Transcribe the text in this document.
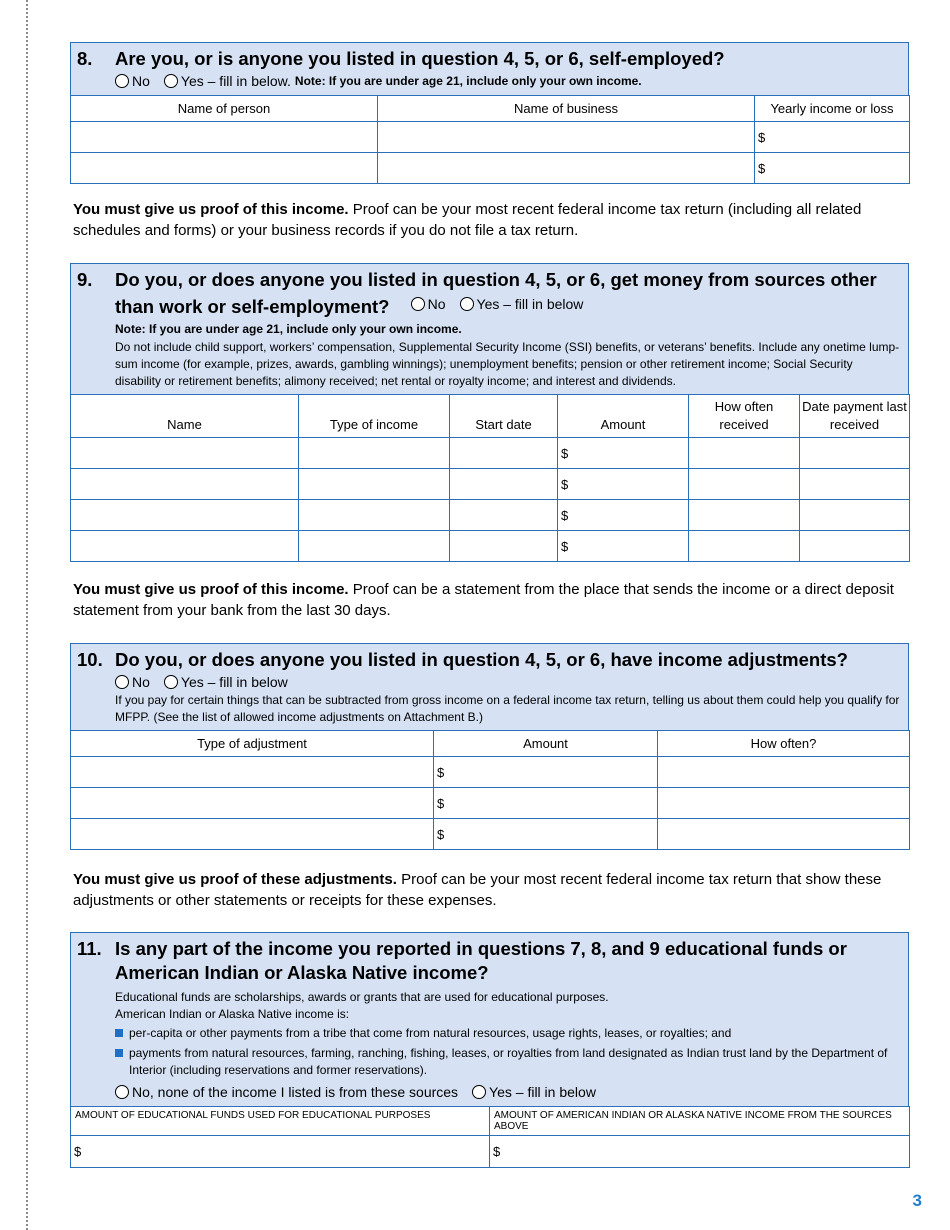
8.	Are you, or is anyone you listed in question 4, 5, or 6, self-employed?
No Yes – fill in below. Note: If you are under age 21, include only your own income.
Name of person	Name of business	Yearly income or loss
		$
		$
You must give us proof of this income. Proof can be your most recent federal income tax return (including all related schedules and forms) or your business records if you do not file a tax return.
9.	Do you, or does anyone you listed in question 4, 5, or 6, get money from sources other than work or self-employment?	No Yes – fill in below
Note: If you are under age 21, include only your own income.
Do not include child support, workers’ compensation, Supplemental Security Income (SSI) benefits, or veterans’ benefits. Include any onetime lump-sum income (for example, prizes, awards, gambling winnings); unemployment benefits; pension or other retirement income; Social Security disability or retirement benefits; alimony received; net rental or royalty income; and interest and dividends.
Name	Type of income	Start date	Amount	How often received	Date payment last received
			$		
			$		
			$		
			$		
You must give us proof of this income. Proof can be a statement from the place that sends the income or a direct deposit statement from your bank from the last 30 days.
10. Do you, or does anyone you listed in question 4, 5, or 6, have income adjustments?
No Yes – fill in below
If you pay for certain things that can be subtracted from gross income on a federal income tax return, telling us about them could help you qualify for MFPP. (See the list of allowed income adjustments on Attachment B.)
Type of adjustment	Amount	How often?
	$	
	$	
	$	
You must give us proof of these adjustments. Proof can be your most recent federal income tax return that show these adjustments or other statements or receipts for these expenses.
11. Is any part of the income you reported in questions 7, 8, and 9 educational funds or American Indian or Alaska Native income?
Educational funds are scholarships, awards or grants that are used for educational purposes.
American Indian or Alaska Native income is:
per-capita or other payments from a tribe that come from natural resources, usage rights, leases, or royalties; and
payments from natural resources, farming, ranching, fishing, leases, or royalties from land designated as Indian trust land by the Department of Interior (including reservations and former reservations).
No, none of the income I listed is from these sources Yes – fill in below
AMOUNT OF EDUCATIONAL FUNDS USED FOR EDUCATIONAL PURPOSES	AMOUNT OF AMERICAN INDIAN OR ALASKA NATIVE INCOME FROM THE SOURCES ABOVE
$	$
3
